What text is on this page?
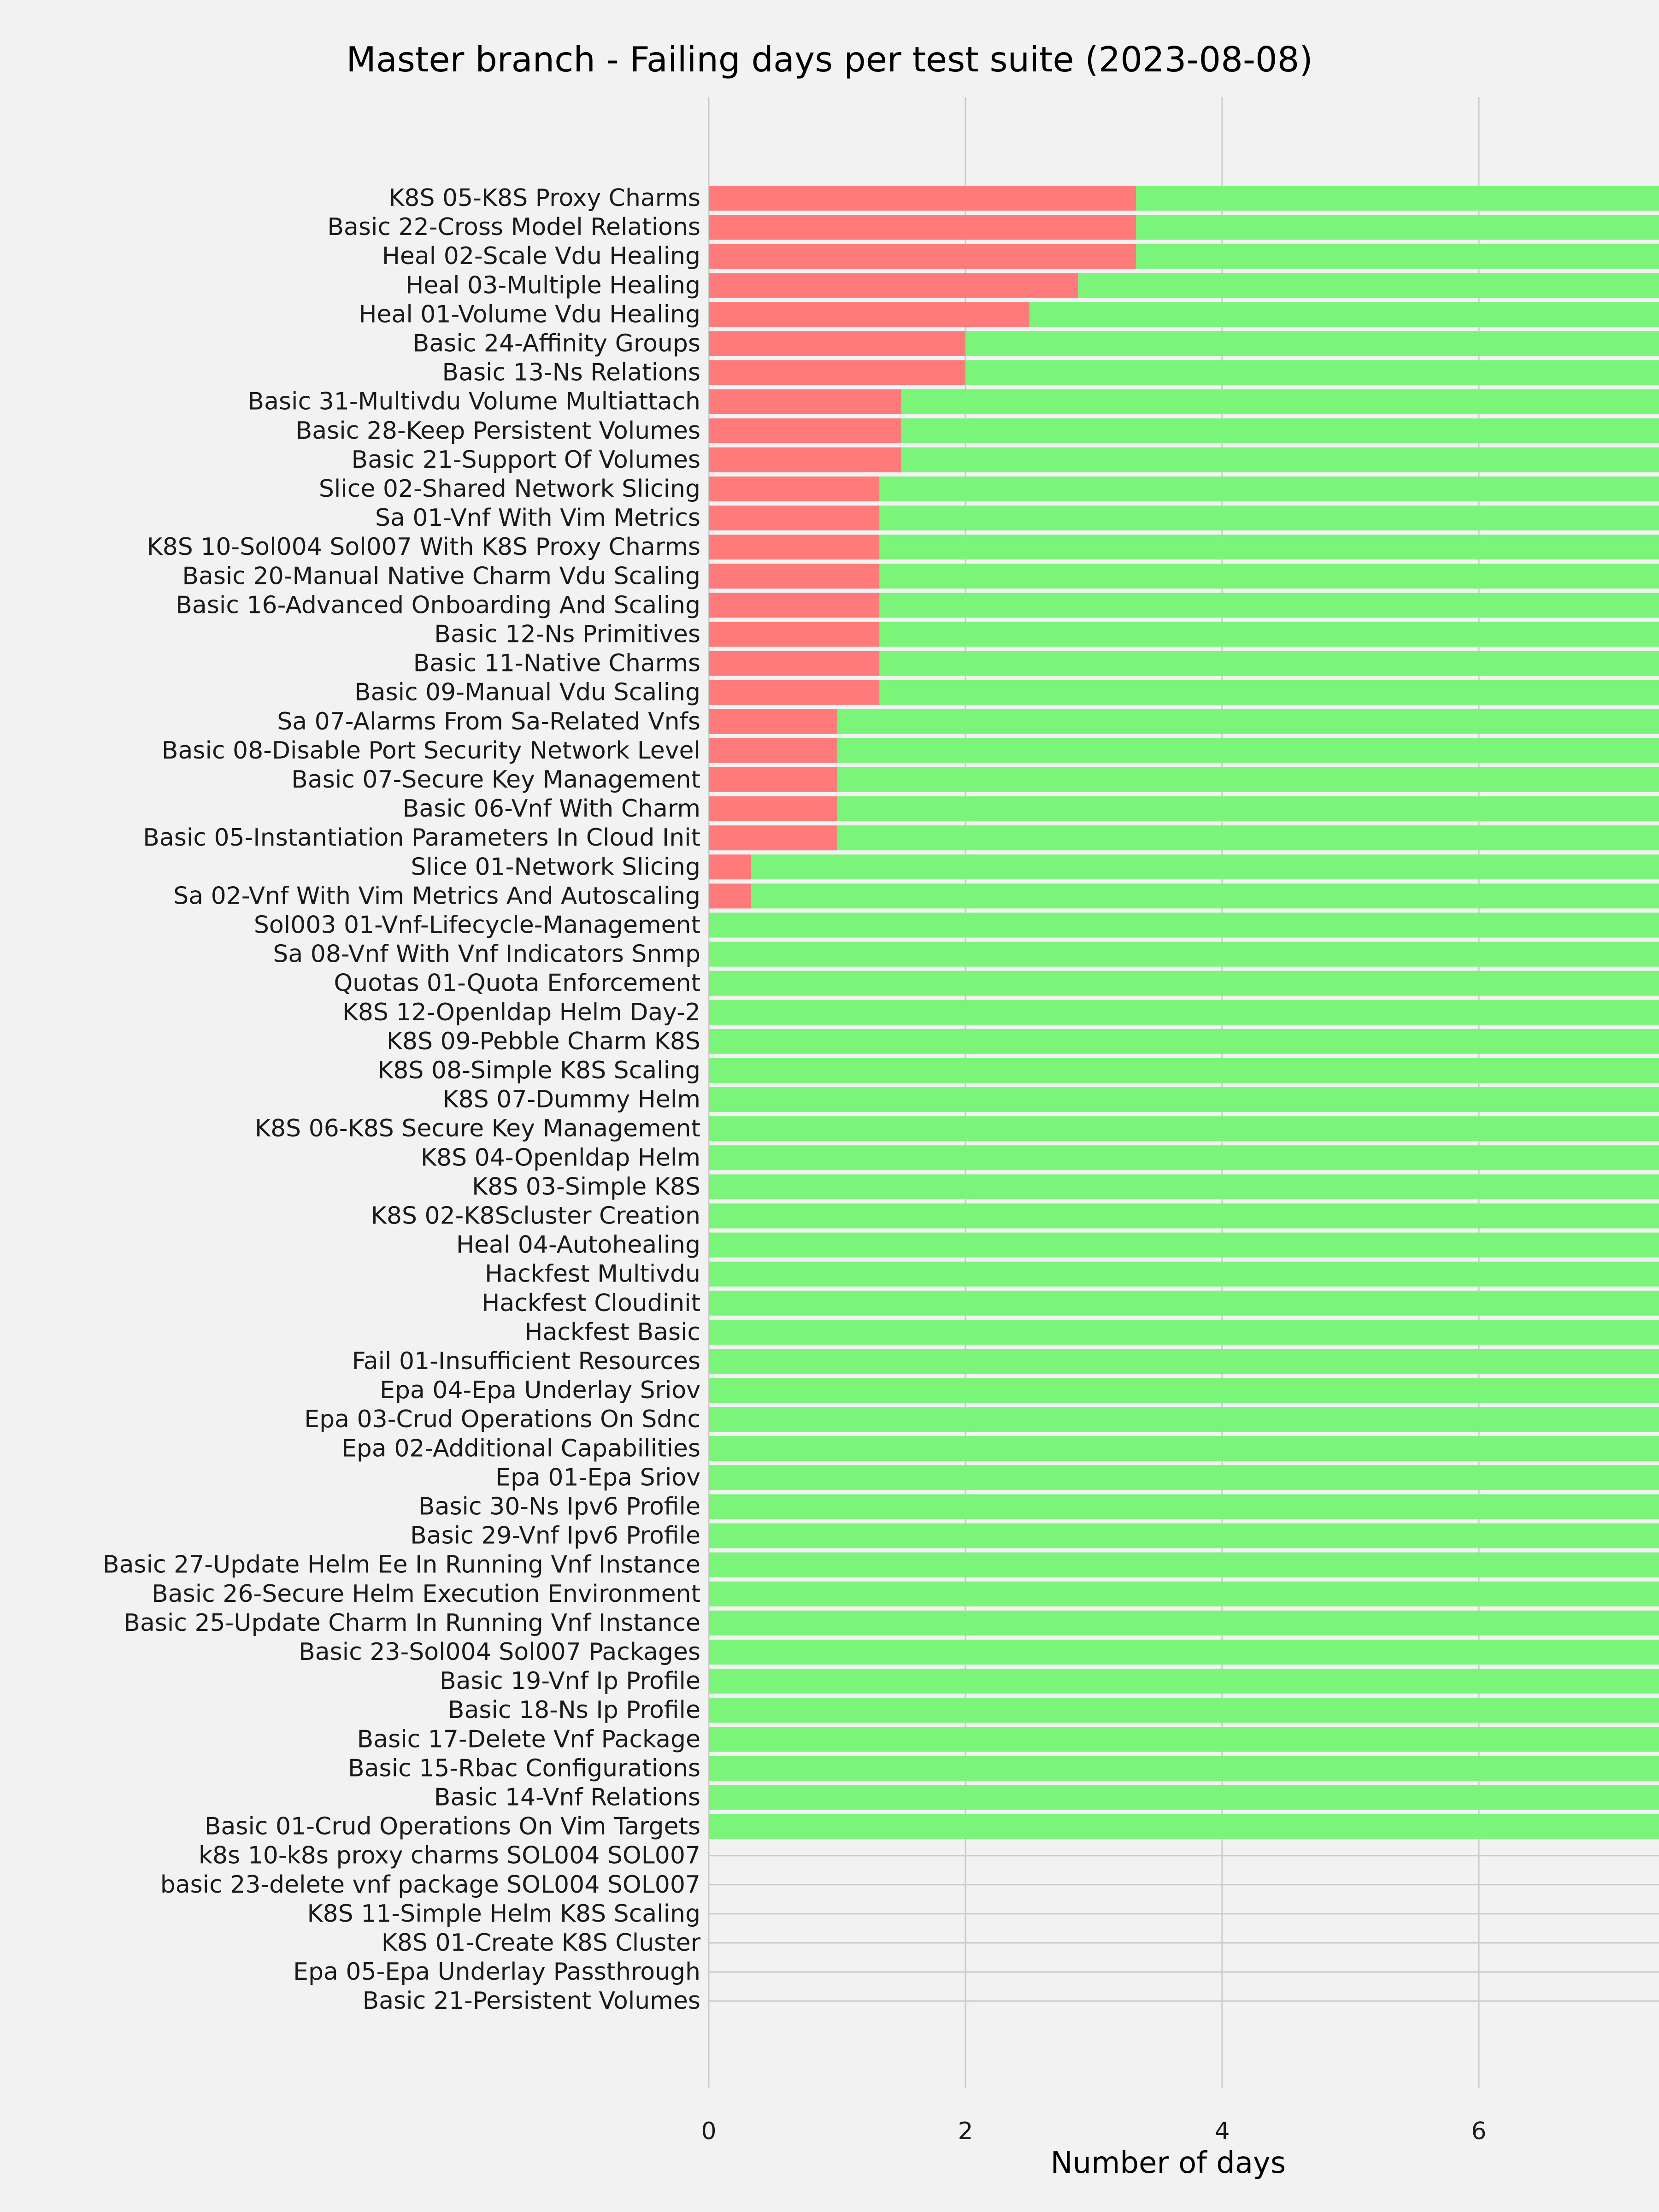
Master branch - Failing days per test suite (2023-08-08)
K8S 05-K8S Proxy Charms
Basic 22-Cross Model Relations
Heal 02-Scale Vdu Healing
Heal 03-Multiple Healing
Heal 01-Volume Vdu Healing
Basic 24-Affinity Groups
Basic 13-Ns Relations
Basic 31-Multivdu Volume Multiattach
Basic 28-Keep Persistent Volumes
Basic 21-Support Of Volumes
Slice 02-Shared Network Slicing
Sa 01-Vnf With Vim Metrics
K8S 10-Sol004 Sol007 With K8S Proxy Charms
Basic 20-Manual Native Charm Vdu Scaling
Basic 16-Advanced Onboarding And Scaling
Basic 12-Ns Primitives
Basic 11-Native Charms
Basic 09-Manual Vdu Scaling
Sa 07-Alarms From Sa-Related Vnfs
Basic 08-Disable Port Security Network Level
Basic 07-Secure Key Management
Basic 06-Vnf With Charm
Basic 05-Instantiation Parameters In Cloud Init
Slice 01-Network Slicing
Sa 02-Vnf With Vim Metrics And Autoscaling
Sol003 01-Vnf-Lifecycle-Management
Sa 08-Vnf With Vnf Indicators Snmp
Quotas 01-Quota Enforcement
K8S 12-Openldap Helm Day-2
K8S 09-Pebble Charm K8S
K8S 08-Simple K8S Scaling
K8S 07-Dummy Helm
K8S 06-K8S Secure Key Management
K8S 04-Openldap Helm
K8S 03-Simple K8S
K8S 02-K8Scluster Creation
Heal 04-Autohealing
Hackfest Multivdu
Hackfest Cloudinit
Hackfest Basic
Fail 01-Insufficient Resources
Epa 04-Epa Underlay Sriov
Epa 03-Crud Operations On Sdnc
Epa 02-Additional Capabilities
Epa 01-Epa Sriov
Basic 30-Ns Ipv6 Profile
Basic 29-Vnf Ipv6 Profile
Basic 27-Update Helm Ee In Running Vnf Instance
Basic 26-Secure Helm Execution Environment
Basic 25-Update Charm In Running Vnf Instance
Basic 23-Sol004 Sol007 Packages
Basic 19-Vnf Ip Profile
Basic 18-Ns Ip Profile
Basic 17-Delete Vnf Package
Basic 15-Rbac Configurations
Basic 14-Vnf Relations
Basic 01-Crud Operations On Vim Targets
k8s 10-k8s proxy charms SOL004 SOL007
basic 23-delete vnf package SOL004 SOL007
K8S 11-Simple Helm K8S Scaling
K8S 01-Create K8S Cluster
Epa 05-Epa Underlay Passthrough
Basic 21-Persistent Volumes
0	2	4	6
Number of days
